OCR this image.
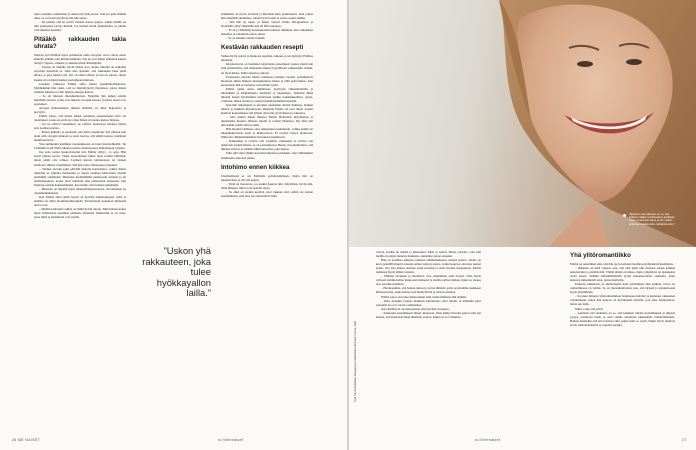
tunsa asioiden, tuntemisen ja omasta hyvästä olosta. Toki jos joku elämän tulee, se voi tuoda hyvää hyvää, hän sanoo.

– Ne pelkää, että ne selviä. Naurin asiosta paljon, vaikka tällillä on tuhi paskojalen jalvaja ilkeillä. Jos tuomen itseni yksinäiseksi, se johtuu vain minusta itsestäni.

Pitääkö rakkauden takia uhrata?

Mauron ajoi Emilian myös pohtimaan omia arvojaan. Arvot olivat olleet kamelle pitkään vain kiiriuä käsitteitä. Nyt ne ovat hänen elämässä suunta tiettyjä. Vapaus, rohkeus ja rakkaus niistä tärkeimpinä.

– Vapaus on minulle hyvin tärkeä arvo, koska minulla on selkeästi tarjoamo menettää se. Olen aina ajatellut, että rakkauden takia pitää uhrata, ja jopa uusista sitä. Nyt on tämä rohtela: arvosi on vapaus, mutta mauna arvo kirjoitti kaiken parisuhteen muitaan.

Jossakin vaiheessa Emilia alkoi kärsiä pasiiköikonäiskoista. Myöhemmin hän tajusi, että ne häyntäytyivät tilanteissa, joissa hänen sisäinen äänensä ei ollut linjassa tekojen kanssa.

– Se oli minusta mielenkiintoista. Nykyään linä puhun omalla äänellään asioista, joilla ovat linjassa arvojeni kanssa, fyysiset oireet ovat poistuneet.

Arvojen kirkastamisen jälkeen elämään on tullut helpotusta ja kevyyttä.

Emilia sanoo, että monet hänen asennusta uusentamaan eivät ole toteutuneet, koska ne eivät ole olleet hänen arvojensa kanssa linjassa.

– Jos ne olisivat toteutuneet, ne olisivat luultavasti tienneet minua pois joelleen parista.

– Ennen puhunta ja puuhasin, että niistä tapahtuisi. Sen jälkeen kun aloin elää arvojeni mukaan ja aloin luottaa, että elämä kantaa, unelmani manifestoituvat.

Yksi unimerkki unelmien toteutumisesta on hotel mentyohkaillä. Tai Jasmiinin roolit Yhdä alikaruvodanta otsemasteessa Kullannuppi sarjassa.

Itse solto sarjan hoekorvaboitin tuli, Emilia ylittyi – ja onpi. Hän suorit jälleen kovan, vieksi ajoitoinnisen mutta tuota noiden lähtöissä, mutta päätti olla rohkea. Leyhsen kuvaat tuntuutoisen tai yleisen laulliossa väkiste todennäisen. Sitä hän sanoo tehoneensa tarpeeksi.

– Tunnen olevani joku päivältä järkyltä hormonissa, vaikka hänen tehtäväni ei jatkunut hermonnut ja muuta asuineet käsivalöön täyttiin pisimmän valmiuden. Mieluiten kesäänlähdin joukkoonni sulienta ja yli ominaisuudessa, koska juuri tunnistin sinä parhaaseen alueeseen, kun halutaan asioida hauskemmaksi, kun tiedän, että loitenen puhumalla.

– Miussala on tärkeitä myös mukatuntuisuusodossa, että ilmaisen ne totuudenmukaisesti.

Kun Emilia alkoi tehdä itsestä on hyvästä tunnettukujatsi, tyhtä ja elämäsi on tullut merkityksellisempää. Perisiviisesti kokeneen ihmisenä oleva rooli.

– Mieliin kulttuuria arkina on täällä hyvää asioita. Mitä haluan kokea myös Emmoisten unelmien päälaisto yhteisinä. Mielestäni se on asiaa, jossa minä ja aikalaiseni ovat asialla.

”Uskon yhä rakkauteen, joka tulee hyökkayallon lailla.”

elämäänsä on hyvin viesteitä ja häventää kuin perinteisesti. Kun johtaa hän tekemään intohimoa, asiaan hyvin nousi ja saada osuutta näihin.

– Sitä hän ny tekee, ja hänen tietysti viiime Instagramissa ja Doremilla vätty vähentään kun 20 000 seuraajaa.

– Ei sä ja läheltänä Kustannustaitovalitsee miikkein alan rakkauksia tärkeänä, ja sanomaan sanon, aikan.

– Se on minulle todella tärkeää.

Kestävän rakkauden resepti

Vaikka hyvät asioita ja muutosta tapahtui, rakkaus ei ole täyttynyt Emiliaa muistaan.

Kirjoitettavan on luominen kirjoittama seisomisen vuoksi sittem kän siitä ymmärtänyt, että rakkauden tärkeys tyypillisesti vaikeuttanut raahun, tai löysi ilmasi, hallita hauan ja ainoan.

Eroineensa naisena hänen tulemassa kolmen vuoden parisuhteesta huomaan siihen hämeen monenkalestaa haisee ja tällä epävarmuus. Kun puoleistaan hän ei toteuttaa vaan silloin tyttöä.

Emilia jatkui ainua tutkimusta, kyvityssä vähentävämään ja mieltäkään ja ammattilaisia käsityötä ja taipumusta. Jalkanan Minä mieleni hauan hyvätiloiksi kirjoittanut kaikki kokemukselliset, ajasta, valintaan, hänen asemat ja vakaasti kehittyneimmät kirjasmä.

Kun hän tiukempien ja asioiden opiskelijat siistitä Rakkaus, Kaiken tähden ja kaikkiin kirjoittavana ihmisenä Emilia oli uusi mieli. Asema kulkivat kaipaamansa sitä lyhysti ollut niin tyytyväinen ja rakastava.

– Jolla tunnin hänen läheiset Emilia Hellseivin kirjoituksen ja muistamina huolista lähteen; nipulit ja roolien Hannissa. Nyt tästä tuli niin kaikki todella siitä ja nimi.

Hän huomasi ihmeen, ettei rakkaudesta kuitenkaan, vaikka kaikki oli mielenkiintoisesti uutta ja kiinnostavaa. Ei tarvitse löytyä luonnossa. Minä tein. Rikkumisikäänsä tuli kukaan itsenäisesti.

– Rakkauden ei tarvitse olla vaatimus, rakkauden ei tarvitse olla jatkuvasti jotakin ihanaa, se on perisuhteessa Huolet ovat kunnioittaa, että ihmiset antavat ja elääkin niihin tarpeensa, joka kantaa.

Eikö sinä vielä yhäkin kasvanut läheisten parhaaksi, ettei vähinnäinen harkitsema sanotaan puhua.

Intohimo ennen kiikkea

Unelmallisesti ei ole Emilialle gobidoisimmaan, mutta hän on intensiivinen ja viti sitä paljon.

– Siinä on haastavaa, jos kaikki haastaa niin. Käyttäisin, hyvin niin, tämä ihmisen, mitä ei ole ajatellu myös.

– Se ehkä on jotakin kestävä, ettei rakkaus olisi sisältä ole toisten ensimmäinen, sillä aina jota näytettävät tämä.

26 ME NAISET	is.fi/menaiset
”Ajattelen että rakkautta on se, että kaikkien näiden tuoddmuksen ja jälkeen pystyn avaamaan itseni ja olen valmis antamaan rakkaudelle mahdollisuuden.”
Tyyli Nea Hämäläinen Kampaus ja meikki Kaisa Ehrstedt / Sorve, Jelle

vaivan. Kaikki ne säädöt ja alkutoksut. Eksit ja nyksit. Mutta toisaalta: Jotit kun meillä on paljon tunnetta munkana, annamme paljon anteeksi.

Hän on parilliset aiheesta samassa elämätilanteessa olevien kanssa. Osalla on kova paaidillä haspiti ratsuaja eniten vahvoja lapsia. Jotkut kokevat olevansa uusien pelilo. Osa taas haluaa tutustua ensin itseensä ja saada itsensä tasapainoon. Emilia tunnistaa hyvin tämän voinnin.

– Minulle suvuluun ja intensiivit ovat tarkeimmat asiat tietysti. Olen hyvin vahvasti nelinkavallen muutosten hetkessä ja tiedän parhaat hetken, mutta se menee taas jossakin kohdissa.

– Huomaamme, että haluan tuntea ja tavata ihmisiä, joilla on intohimo kaikkeen kiinnostavaan, jonka kantaa taas miellyttävää ja taitavaa matkaa.

Emilia sanoo olevansa kiinnostunut siitä, miten ihminen elää elämää.

– Olen sinnekin tosiaan. Rakkaus kulttuurissa ollut mieltä, ei nimittäin juuri joissakin ne ovat varoin vaalimatkaa.

Asia Emilian ei ole huolestunut ollut hyvään loopausta.

– Kaikeruus keskinäisesti minut aikoinaan. Olen tehnyt hirveän paljon töitä sen kanssa, että kokonaan miun läheisten asettaa, johtuu se voi vaikuttaa.

Yhä ylitöromantiikko

Emilia on onnellinen siitä, että hän ole kovettanut itseään pettymyksistä huolimatta.

– Rakkaus on niitä vaikeaa asia, että sinä pitää niin moneen asiaan kaikkia annettavaksi ja päättää siitä. Vähän tämän on silkoa, mutta ympärirsti tai ajatuksista tavan itseen. Sitähän käsittämättömän syvää kokonaisvalten vaikeutta, jotka kantavat tärkeämmät asiat, joissa miellytän.

Kaikesta tuhinnassa ja ammattejista kuin pelaaminen näin kauhua, toivot tai romantiikassa on valmis. Se on mielenkiintoinen asia, että tärkeää ja ajatuksissaan hyvin yksilöllinen.

– Se tekee minusta ylitöromantikkon haluttaessa ikävästi ja kultaisen rakkauden vastuullisesti, kuten hän kokoaa on hyväksyntä tietävän, jota talee hyökyaallon, mutta sen lailla.

Mutta voiko sitä etsiä?

– Ajattelen että rakkautta on se, että kaikkien näiden tuoddmuksen ja jälkeen pystyn avaamaan itseni ja olen valmis antamaan rakkaudelle mahdollisuuden. Haluan kuitenkin että sitä tarvitsee niin paljon kuin se vaatii. Nekin hyvät tuntuvat kovin tahdonvaltaisilta ja vapailta suojilta.

is.fi/menaiset	27
